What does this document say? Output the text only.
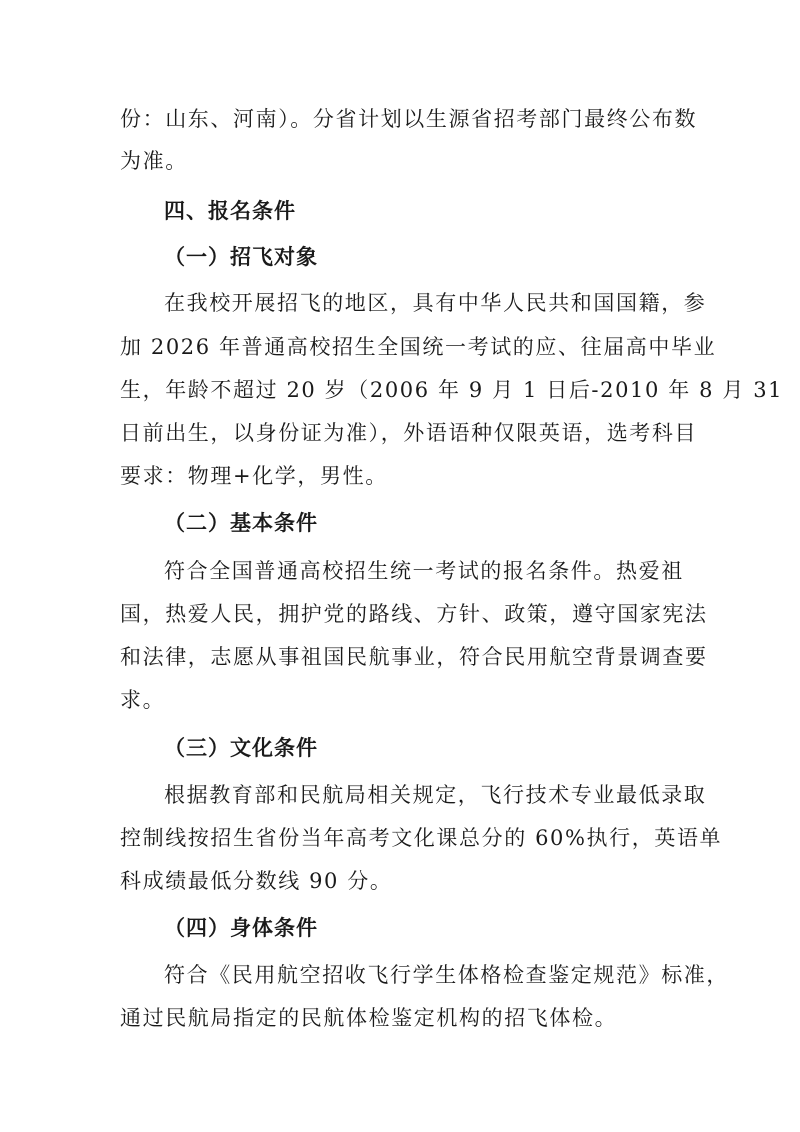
份：山东、河南）。分省计划以生源省招考部门最终公布数
为准。
四、报名条件
（一）招飞对象
在我校开展招飞的地区，具有中华人民共和国国籍，参
加 2026 年普通高校招生全国统一考试的应、往届高中毕业
生，年龄不超过 20 岁（2006 年 9 月 1 日后-2010 年 8 月 31
日前出生，以身份证为准），外语语种仅限英语，选考科目
要求：物理+化学，男性。
（二）基本条件
符合全国普通高校招生统一考试的报名条件。热爱祖
国，热爱人民，拥护党的路线、方针、政策，遵守国家宪法
和法律，志愿从事祖国民航事业，符合民用航空背景调查要
求。
（三）文化条件
根据教育部和民航局相关规定，飞行技术专业最低录取
控制线按招生省份当年高考文化课总分的 60%执行，英语单
科成绩最低分数线 90 分。
（四）身体条件
符合《民用航空招收飞行学生体格检查鉴定规范》标准，
通过民航局指定的民航体检鉴定机构的招飞体检。
